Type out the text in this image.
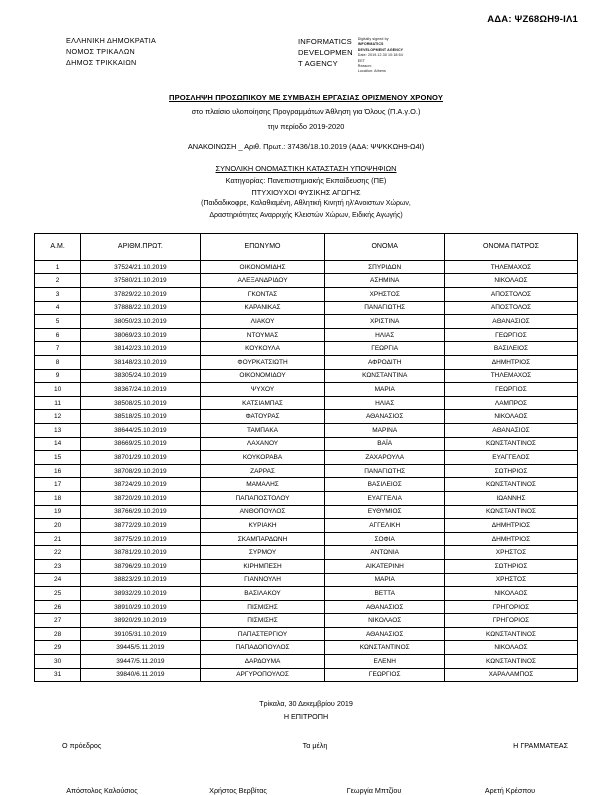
ΑΔΑ: ΨΖ68ΩΗ9-ΙΛ1
ΕΛΛΗΝΙΚΗ ΔΗΜΟΚΡΑΤΙΑ
ΝΟΜΟΣ ΤΡΙΚΑΛΩΝ
ΔΗΜΟΣ ΤΡΙΚΚΑΙΩΝ
INFORMATICS
DEVELOPMEN
T AGENCY
Digitally signed by
INFORMATICS
DEVELOPMENT AGENCY
Date: 2019.12.30 10:18:54
EET
Reason:
Location: Athens
ΠΡΟΣΛΗΨΗ ΠΡΟΣΩΠΙΚΟΥ ΜΕ ΣΥΜΒΑΣΗ ΕΡΓΑΣΙΑΣ ΟΡΙΣΜΕΝΟΥ ΧΡΟΝΟΥ
στο πλαίσιο υλοποίησης Προγραμμάτων Άθληση για Όλους (Π.Α.γ.Ο.)
την περίοδο 2019-2020
ΑΝΑΚΟΙΝΩΣΗ _ Αριθ. Πρωτ.: 37436/18.10.2019 (ΑΔΑ: ΨΨΚΚΩΗ9-Ω4Ι)
ΣΥΝΟΛΙΚΗ ΟΝΟΜΑΣΤΙΚΗ ΚΑΤΑΣΤΑΣΗ ΥΠΟΨΗΦΙΩΝ
Κατηγορίας: Πανεπιστημιακής Εκπαίδευσης (ΠΕ)
ΠΤΥΧΙΟΥΧΟΙ ΦΥΣΙΚΗΣ ΑΓΩΓΗΣ
(Παιδαδικοφρε, Καλαθιαμένη, Αθλητική Κινητή ηλ'Ανοιστων Χώρων,
Δραστηριότητες Αναρριχής Κλειστών Χώρων, Ειδικής Αγωγής)
Α.Μ.	ΑΡΙΘΜ.ΠΡΩΤ.	ΕΠΩΝΥΜΟ	ΟΝΟΜΑ	ΟΝΟΜΑ ΠΑΤΡΟΣ
1	37524/21.10.2019	ΟΙΚΟΝΟΜΙΔΗΣ	ΣΠΥΡΙΔΩΝ	ΤΗΛΕΜΑΧΟΣ
2	37580/21.10.2019	ΑΛΕΞΑΝΔΡΙΔΟΥ	ΑΣΗΜΙΝΑ	ΝΙΚΟΛΑΟΣ
3	37829/22.10.2019	ΓΚΟΝΤΑΣ	ΧΡΗΣΤΟΣ	ΑΠΟΣΤΟΛΟΣ
4	37888/22.10.2019	ΚΑΡΑΝΙΚΑΣ	ΠΑΝΑΓΙΩΤΗΣ	ΑΠΟΣΤΟΛΟΣ
5	38050/23.10.2019	ΛΙΑΚΟΥ	ΧΡΙΣΤΙΝΑ	ΑΘΑΝΑΣΙΟΣ
6	38069/23.10.2019	ΝΤΟΥΜΑΣ	ΗΛΙΑΣ	ΓΕΩΡΓΙΟΣ
7	38142/23.10.2019	ΚΟΥΚΟΥΛΑ	ΓΕΩΡΓΙΑ	ΒΑΣΙΛΕΙΟΣ
8	38148/23.10.2019	ΦΟΥΡΚΑΤΣΙΩΤΗ	ΑΦΡΟΔΙΤΗ	ΔΗΜΗΤΡΙΟΣ
9	38305/24.10.2019	ΟΙΚΟΝΟΜΙΔΟΥ	ΚΩΝΣΤΑΝΤΙΝΑ	ΤΗΛΕΜΑΧΟΣ
10	38367/24.10.2019	ΨΥΧΟΥ	ΜΑΡΙΑ	ΓΕΩΡΓΙΟΣ
11	38508/25.10.2019	ΚΑΤΣΙΑΜΠΑΣ	ΗΛΙΑΣ	ΛΑΜΠΡΟΣ
12	38518/25.10.2019	ΦΑΤΟΥΡΑΣ	ΑΘΑΝΑΣΙΟΣ	ΝΙΚΟΛΑΟΣ
13	38644/25.10.2019	ΤΑΜΠΑΚΑ	ΜΑΡΙΝΑ	ΑΘΑΝΑΣΙΟΣ
14	38669/25.10.2019	ΛΑΧΑΝΟΥ	ΒΑΪΑ	ΚΩΝΣΤΑΝΤΙΝΟΣ
15	38701/29.10.2019	ΚΟΥΚΟΡΑΒΑ	ΖΑΧΑΡΟΥΛΑ	ΕΥΑΓΓΕΛΟΣ
16	38708/29.10.2019	ΖΑΡΡΑΣ	ΠΑΝΑΓΙΩΤΗΣ	ΣΩΤΗΡΙΟΣ
17	38724/29.10.2019	ΜΑΜΑΛΗΣ	ΒΑΣΙΛΕΙΟΣ	ΚΩΝΣΤΑΝΤΙΝΟΣ
18	38720/29.10.2019	ΠΑΠΑΠΟΣΤΟΛΟΥ	ΕΥΑΓΓΕΛΙΑ	ΙΩΑΝΝΗΣ
19	38766/29.10.2019	ΑΝΘΟΠΟΥΛΟΣ	ΕΥΘΥΜΙΟΣ	ΚΩΝΣΤΑΝΤΙΝΟΣ
20	38772/29.10.2019	ΚΥΡΙΑΚΗ	ΑΓΓΕΛΙΚΗ	ΔΗΜΗΤΡΙΟΣ
21	38775/29.10.2019	ΣΚΑΜΠΑΡΔΩΝΗ	ΣΟΦΙΑ	ΔΗΜΗΤΡΙΟΣ
22	38781/29.10.2019	ΣΥΡΜΟΥ	ΑΝΤΩΝΙΑ	ΧΡΗΣΤΟΣ
23	38796/29.10.2019	ΚΙΡΗΜΠΕΣΗ	ΑΙΚΑΤΕΡΙΝΗ	ΣΩΤΗΡΙΟΣ
24	38823/29.10.2019	ΓΙΑΝΝΟΥΛΗ	ΜΑΡΙΑ	ΧΡΗΣΤΟΣ
25	38932/29.10.2019	ΒΑΣΙΛΑΚΟΥ	ΒΕΤΤΑ	ΝΙΚΟΛΑΟΣ
26	38910/29.10.2019	ΠΙΣΜΙΣΗΣ	ΑΘΑΝΑΣΙΟΣ	ΓΡΗΓΟΡΙΟΣ
27	38920/29.10.2019	ΠΙΣΜΙΣΗΣ	ΝΙΚΟΛΑΟΣ	ΓΡΗΓΟΡΙΟΣ
28	39105/31.10.2019	ΠΑΠΑΣΤΕΡΓΙΟΥ	ΑΘΑΝΑΣΙΟΣ	ΚΩΝΣΤΑΝΤΙΝΟΣ
29	39445/5.11.2019	ΠΑΠΑΔΟΠΟΥΛΟΣ	ΚΩΝΣΤΑΝΤΙΝΟΣ	ΝΙΚΟΛΑΟΣ
30	39447/5.11.2019	ΔΑΡΔΟΥΜΑ	ΕΛΕΝΗ	ΚΩΝΣΤΑΝΤΙΝΟΣ
31	39840/6.11.2019	ΑΡΓΥΡΟΠΟΥΛΟΣ	ΓΕΩΡΓΙΟΣ	ΧΑΡΑΛΑΜΠΟΣ
Τρίκαλα, 30 Δεκεμβρίου 2019
Η ΕΠΙΤΡΟΠΗ
Ο πρόεδρος	Τα μέλη	Η ΓΡΑΜΜΑΤΕΑΣ
Απόστολος Καλούσιος	Χρήστος Βερβίτας	Γεωργία Μπτζίου	Αρετή Κρέσπου
